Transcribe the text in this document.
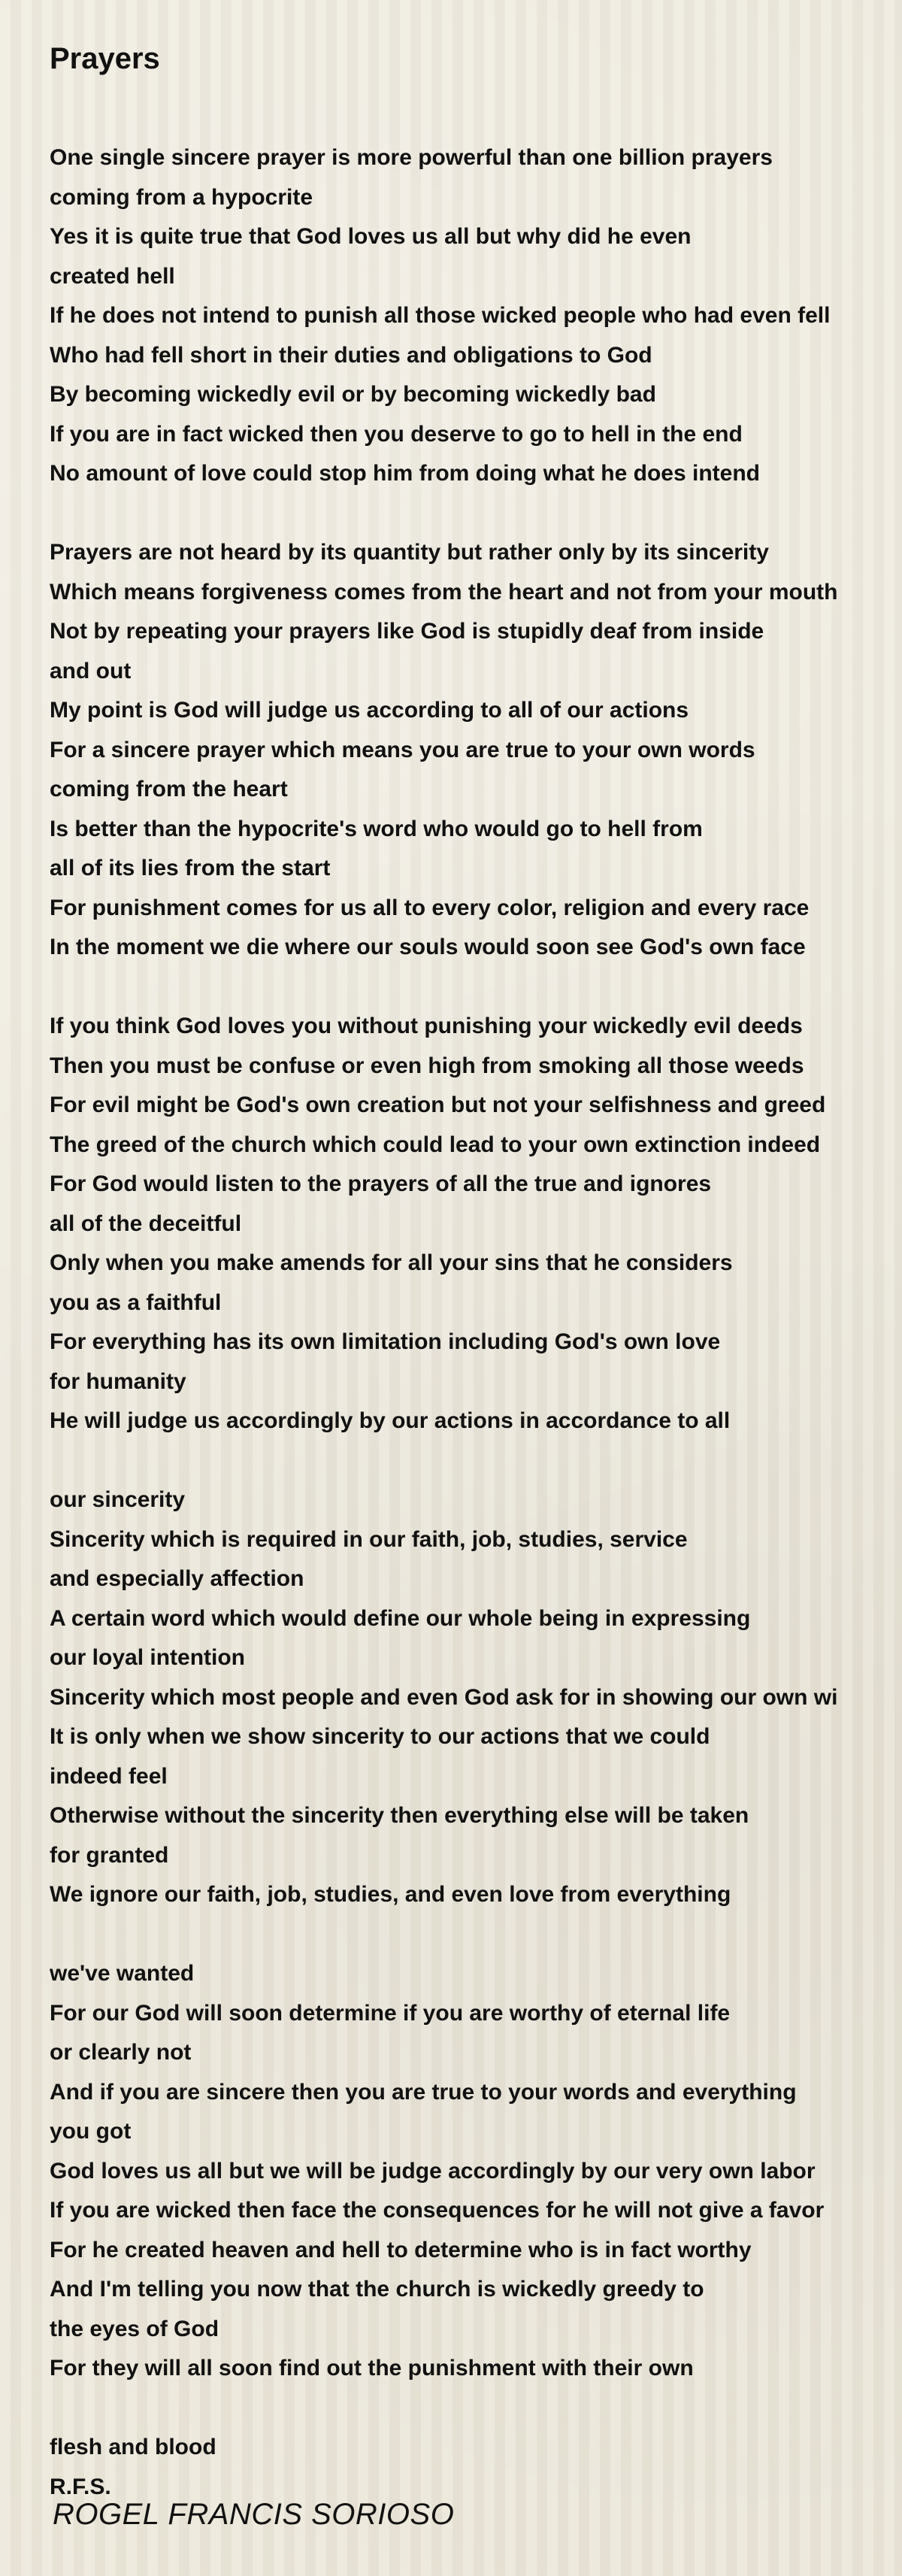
Prayers
One single sincere prayer is more powerful than one billion prayers
coming from a hypocrite
Yes it is quite true that God loves us all but why did he even
created hell
If he does not intend to punish all those wicked people who had even fell
Who had fell short in their duties and obligations to God
By becoming wickedly evil or by becoming wickedly bad
If you are in fact wicked then you deserve to go to hell in the end
No amount of love could stop him from doing what he does intend
Prayers are not heard by its quantity but rather only by its sincerity
Which means forgiveness comes from the heart and not from your mouth
Not by repeating your prayers like God is stupidly deaf from inside
and out
My point is God will judge us according to all of our actions
For a sincere prayer which means you are true to your own words
coming from the heart
Is better than the hypocrite's word who would go to hell from
all of its lies from the start
For punishment comes for us all to every color, religion and every race
In the moment we die where our souls would soon see God's own face
If you think God loves you without punishing your wickedly evil deeds
Then you must be confuse or even high from smoking all those weeds
For evil might be God's own creation but not your selfishness and greed
The greed of the church which could lead to your own extinction indeed
For God would listen to the prayers of all the true and ignores
all of the deceitful
Only when you make amends for all your sins that he considers
you as a faithful
For everything has its own limitation including God's own love
for humanity
He will judge us accordingly by our actions in accordance to all
our sincerity
Sincerity which is required in our faith, job, studies, service
and especially affection
A certain word which would define our whole being in expressing
our loyal intention
Sincerity which most people and even God ask for in showing our own wi
It is only when we show sincerity to our actions that we could
indeed feel
Otherwise without the sincerity then everything else will be taken
for granted
We ignore our faith, job, studies, and even love from everything
we've wanted
For our God will soon determine if you are worthy of eternal life
or clearly not
And if you are sincere then you are true to your words and everything
you got
God loves us all but we will be judge accordingly by our very own labor
If you are wicked then face the consequences for he will not give a favor
For he created heaven and hell to determine who is in fact worthy
And I'm telling you now that the church is wickedly greedy to
the eyes of God
For they will all soon find out the punishment with their own
flesh and blood
R.F.S.
ROGEL FRANCIS SORIOSO
